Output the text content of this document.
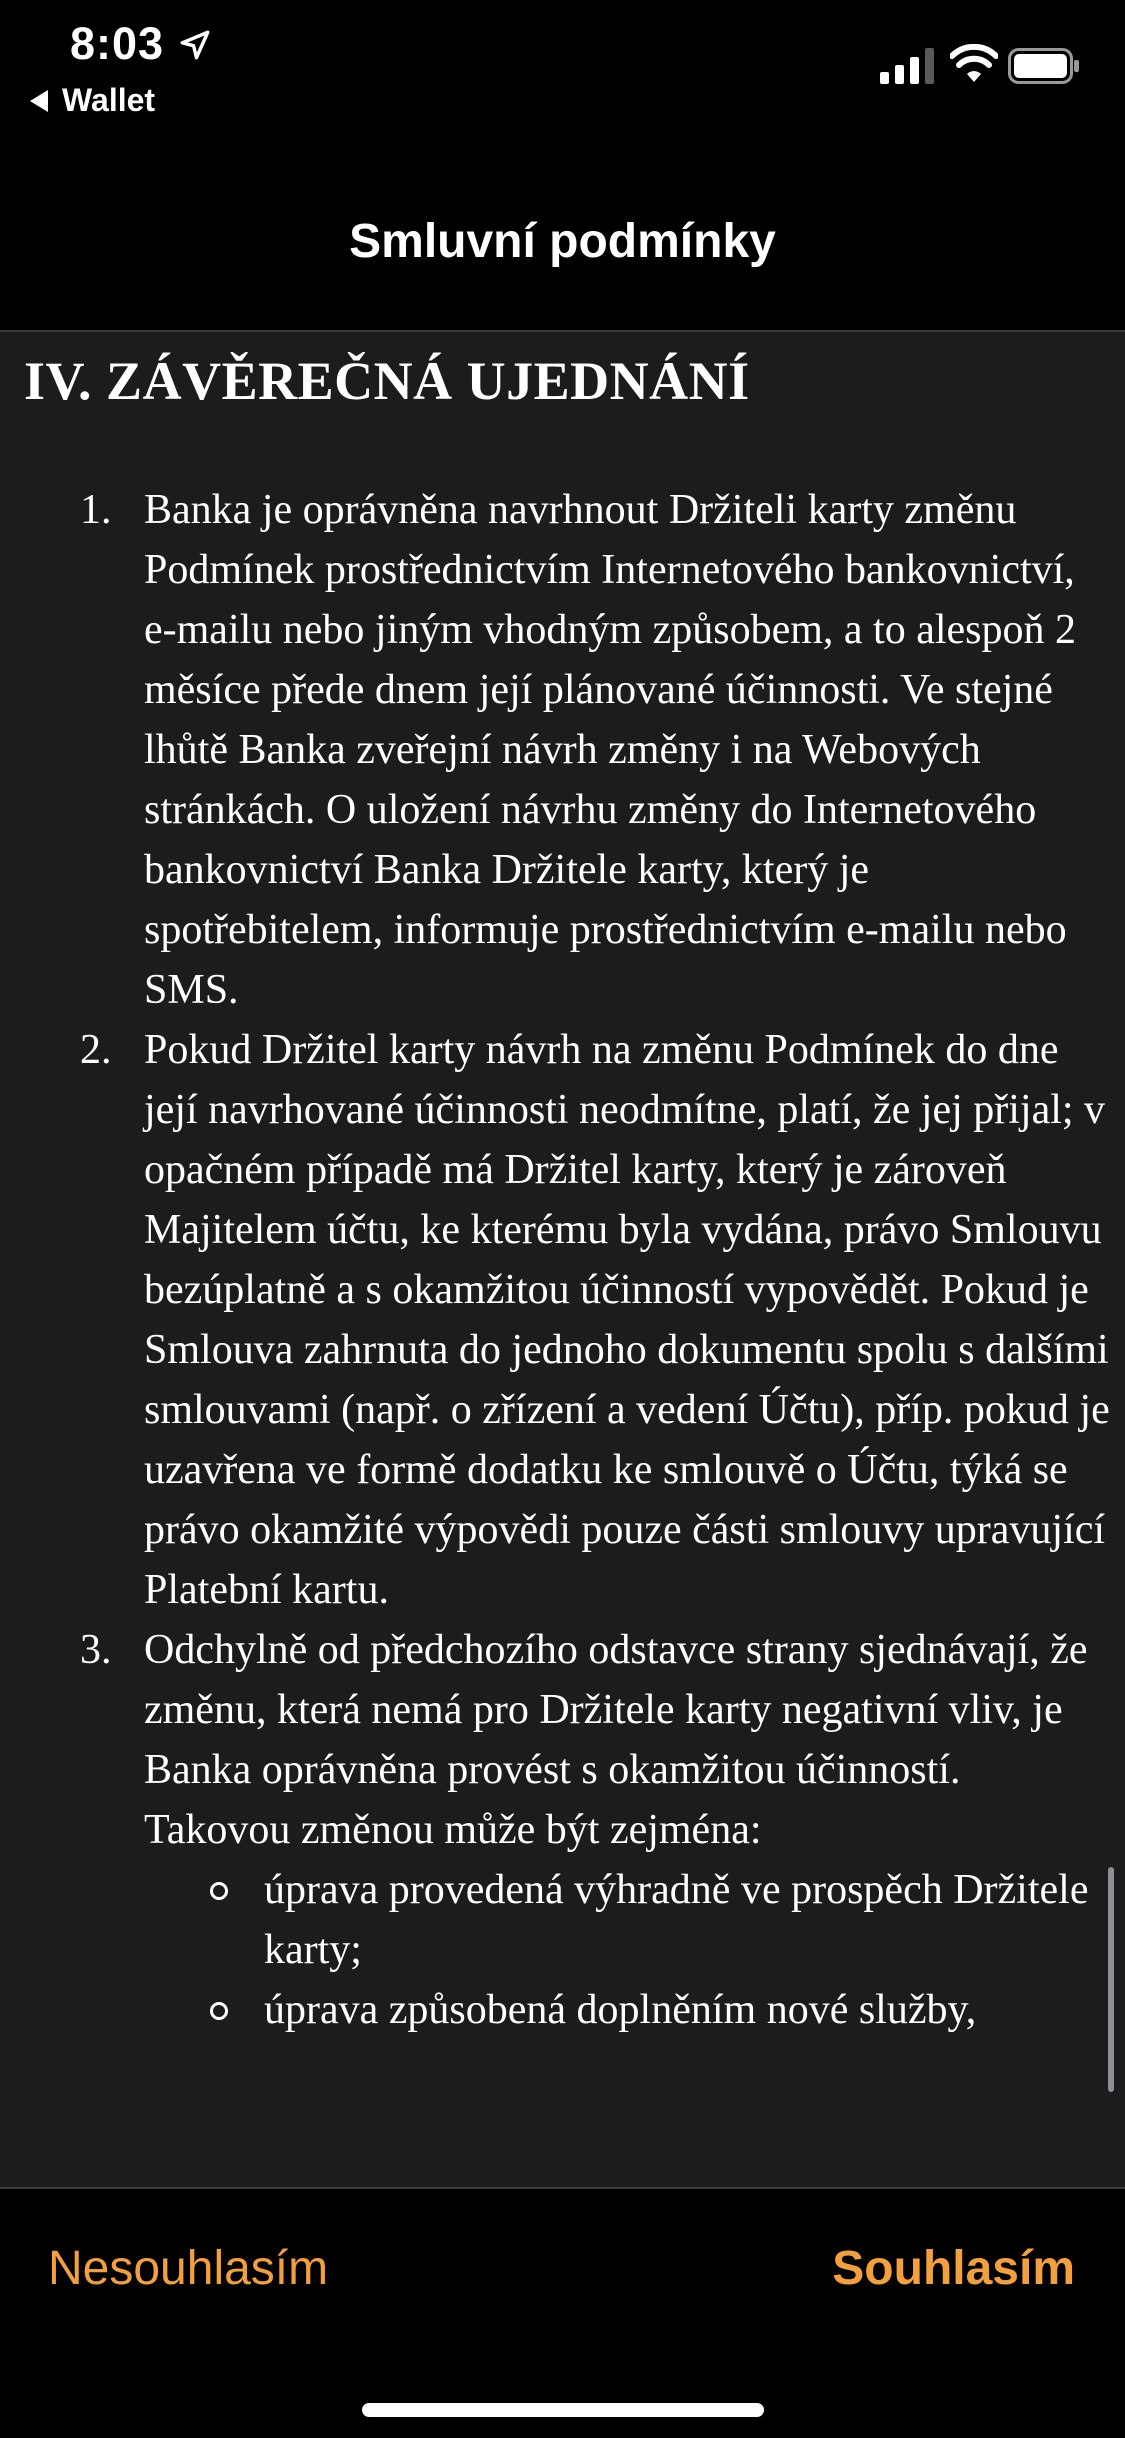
8:03
Wallet
Smluvní podmínky
IV. ZÁVĚREČNÁ UJEDNÁNÍ
1. Banka je oprávněna navrhnout Držiteli karty změnu Podmínek prostřednictvím Internetového bankovnictví, e-mailu nebo jiným vhodným způsobem, a to alespoň 2 měsíce přede dnem její plánované účinnosti. Ve stejné lhůtě Banka zveřejní návrh změny i na Webových stránkách. O uložení návrhu změny do Internetového bankovnictví Banka Držitele karty, který je spotřebitelem, informuje prostřednictvím e-mailu nebo SMS.
2. Pokud Držitel karty návrh na změnu Podmínek do dne její navrhované účinnosti neodmítne, platí, že jej přijal; v opačném případě má Držitel karty, který je zároveň Majitelem účtu, ke kterému byla vydána, právo Smlouvu bezúplatně a s okamžitou účinností vypovědět. Pokud je Smlouva zahrnuta do jednoho dokumentu spolu s dalšími smlouvami (např. o zřízení a vedení Účtu), příp. pokud je uzavřena ve formě dodatku ke smlouvě o Účtu, týká se právo okamžité výpovědi pouze části smlouvy upravující Platební kartu.
3. Odchylně od předchozího odstavce strany sjednávají, že změnu, která nemá pro Držitele karty negativní vliv, je Banka oprávněna provést s okamžitou účinností. Takovou změnou může být zejména:
úprava provedená výhradně ve prospěch Držitele karty;
úprava způsobená doplněním nové služby,
Nesouhlasím	Souhlasím
